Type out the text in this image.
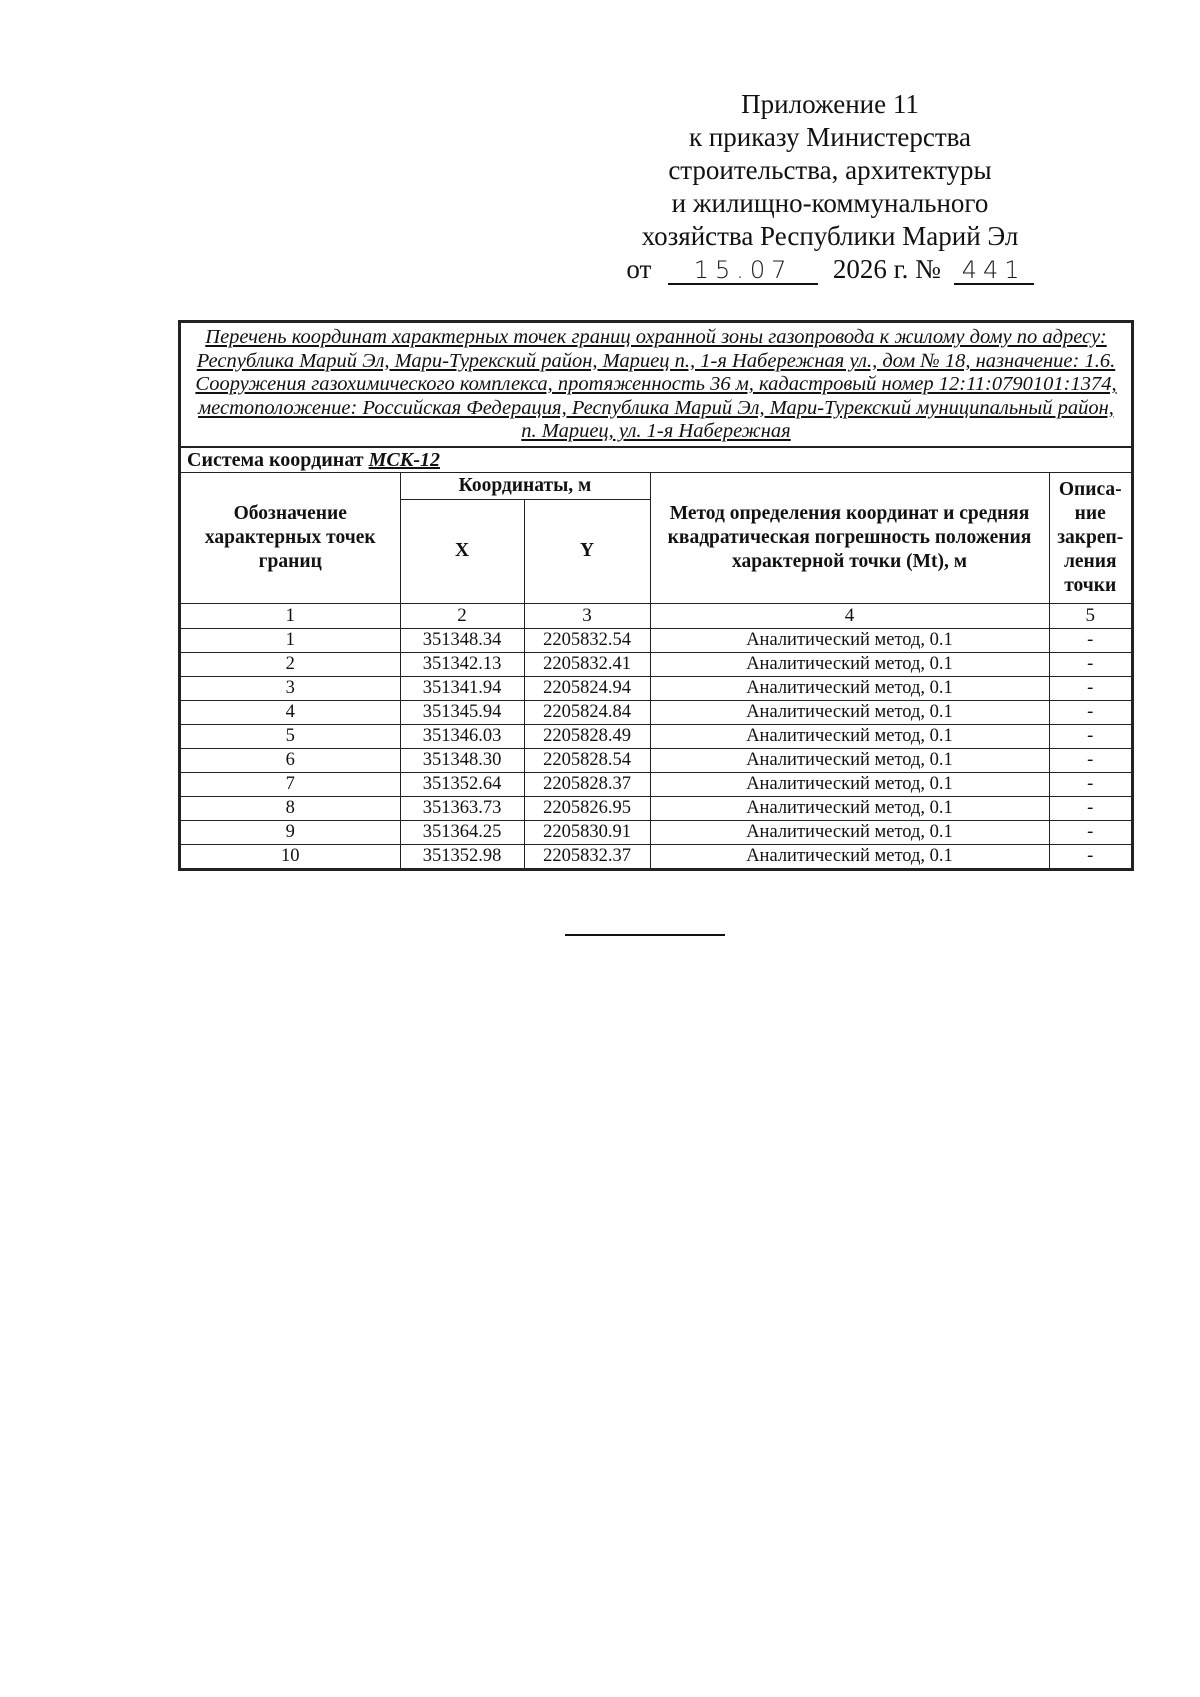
Приложение 11
к приказу Министерства
строительства, архитектуры
и жилищно-коммунального
хозяйства Республики Марий Эл
от 15.07 2026 г. № 441
Перечень координат характерных точек границ охранной зоны газопровода к жилому дому по адресу: Республика Марий Эл, Мари-Турекский район, Мариец п., 1-я Набережная ул., дом № 18, назначение: 1.6. Сооружения газохимического комплекса, протяженность 36 м, кадастровый номер 12:11:0790101:1374, местоположение: Российская Федерация, Республика Марий Эл, Мари-Турекский муниципальный район, п. Мариец, ул. 1-я Набережная
Система координат МСК-12
Обозначение характерных точек границ	Координаты, м		Метод определения координат и средняя квадратическая погрешность положения характерной точки (Mt), м	Описа-ние закреп-ления точки
	X	Y		
1	2	3	4	5
1	351348.34	2205832.54	Аналитический метод, 0.1	-
2	351342.13	2205832.41	Аналитический метод, 0.1	-
3	351341.94	2205824.94	Аналитический метод, 0.1	-
4	351345.94	2205824.84	Аналитический метод, 0.1	-
5	351346.03	2205828.49	Аналитический метод, 0.1	-
6	351348.30	2205828.54	Аналитический метод, 0.1	-
7	351352.64	2205828.37	Аналитический метод, 0.1	-
8	351363.73	2205826.95	Аналитический метод, 0.1	-
9	351364.25	2205830.91	Аналитический метод, 0.1	-
10	351352.98	2205832.37	Аналитический метод, 0.1	-
